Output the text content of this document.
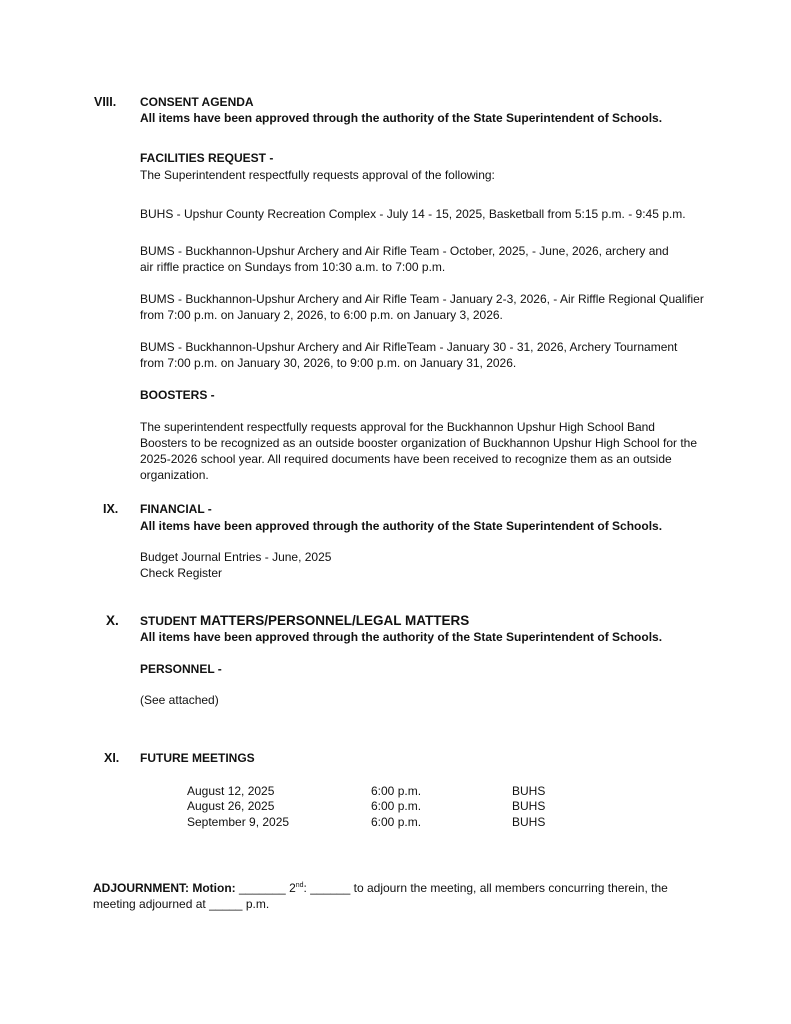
VIII. CONSENT AGENDA
All items have been approved through the authority of the State Superintendent of Schools.
FACILITIES REQUEST -
The Superintendent respectfully requests approval of the following:
BUHS - Upshur County Recreation Complex - July 14 - 15, 2025, Basketball from 5:15 p.m. - 9:45 p.m.
BUMS - Buckhannon-Upshur Archery and Air Rifle Team - October, 2025, - June, 2026, archery and
air riffle practice on Sundays from 10:30 a.m. to 7:00 p.m.
BUMS - Buckhannon-Upshur Archery and Air Rifle Team - January 2-3, 2026, - Air Riffle Regional Qualifier
from 7:00 p.m. on January 2, 2026, to 6:00 p.m. on January 3, 2026.
BUMS - Buckhannon-Upshur Archery and Air RifleTeam - January 30 - 31, 2026, Archery Tournament
from 7:00 p.m. on January 30, 2026, to 9:00 p.m. on January 31, 2026.
BOOSTERS -
The superintendent respectfully requests approval for the Buckhannon Upshur High School Band
Boosters to be recognized as an outside booster organization of Buckhannon Upshur High School for the
2025-2026 school year. All required documents have been received to recognize them as an outside
organization.
IX. FINANCIAL -
All items have been approved through the authority of the State Superintendent of Schools.
Budget Journal Entries - June, 2025
Check Register
X. STUDENT MATTERS/PERSONNEL/LEGAL MATTERS
All items have been approved through the authority of the State Superintendent of Schools.
PERSONNEL -
(See attached)
XI. FUTURE MEETINGS
August 12, 2025	6:00 p.m.	BUHS
August 26, 2025	6:00 p.m.	BUHS
September 9, 2025	6:00 p.m.	BUHS
ADJOURNMENT: Motion: _______ 2nd: ______ to adjourn the meeting, all members concurring therein, the
meeting adjourned at _____ p.m.
